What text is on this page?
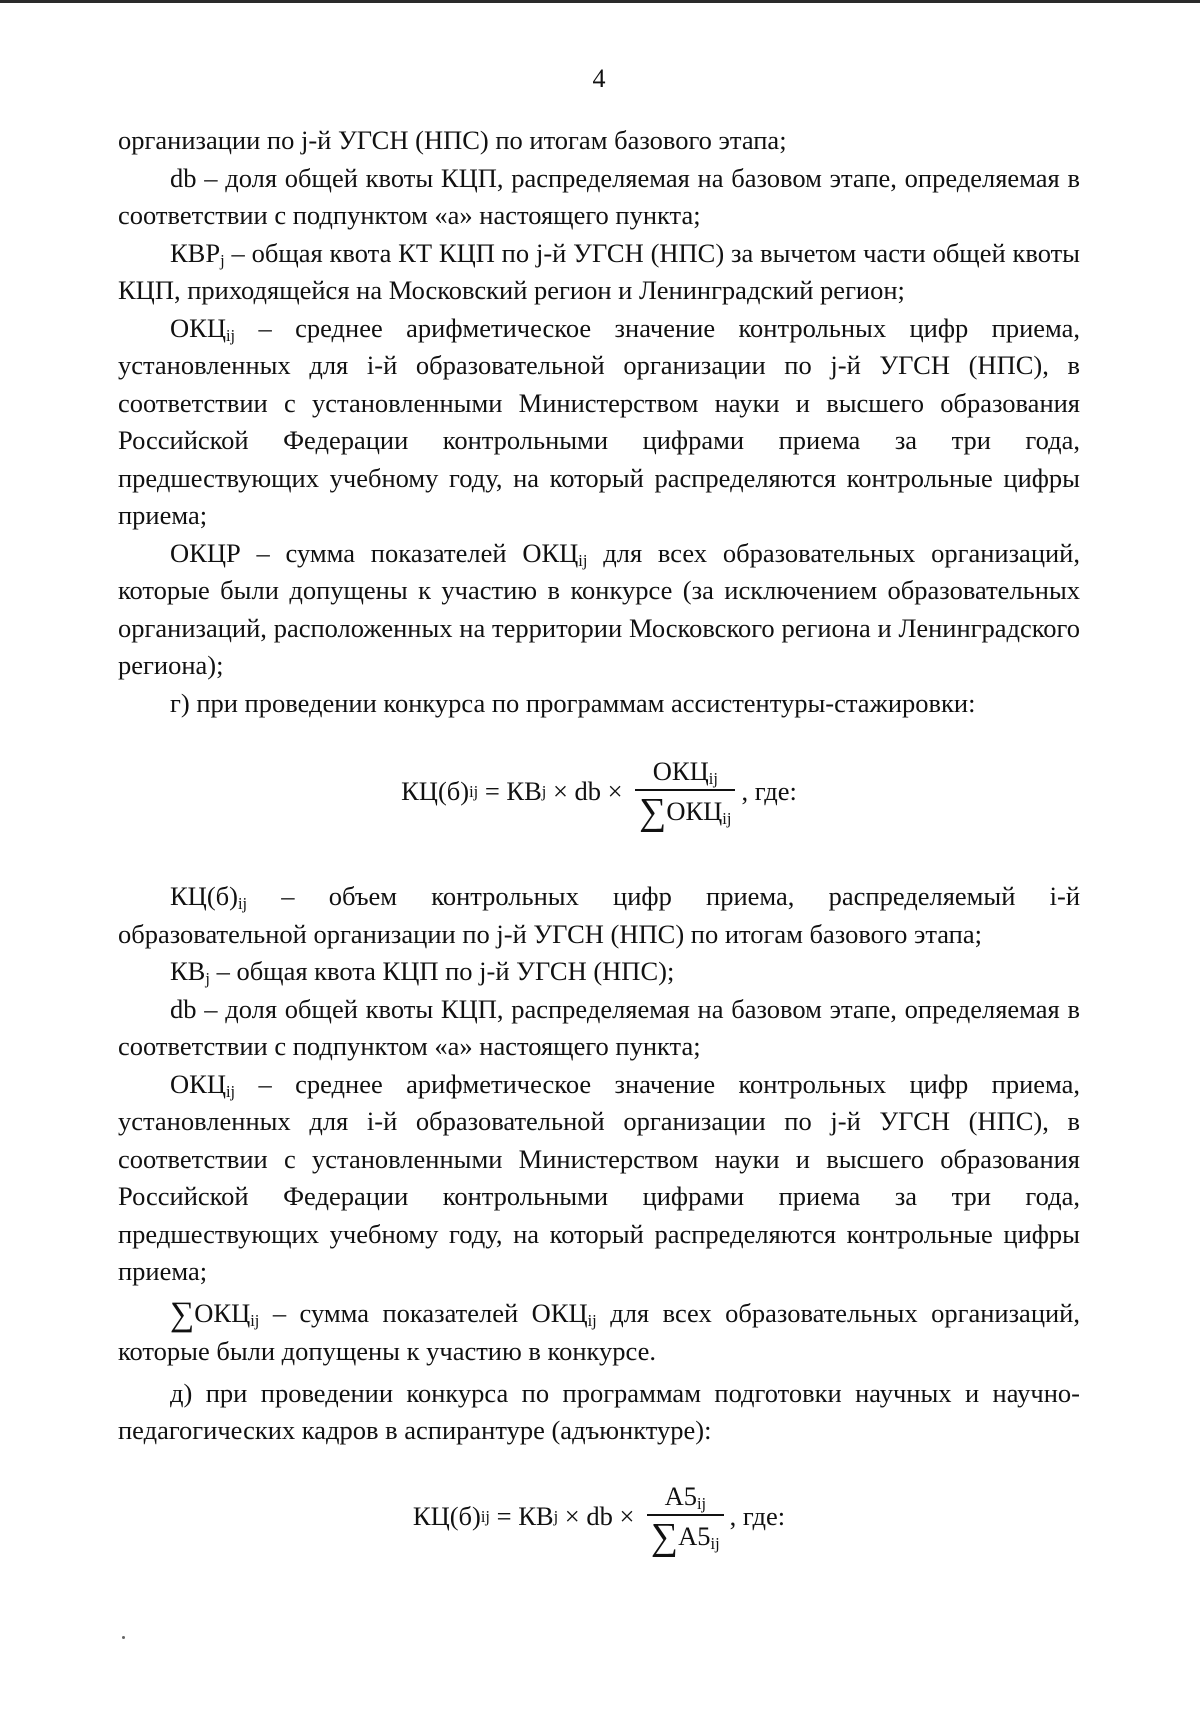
4

организации по j-й УГСН (НПС) по итогам базового этапа;

db – доля общей квоты КЦП, распределяемая на базовом этапе, определяемая в соответствии с подпунктом «а» настоящего пункта;

$КВР_j$ – общая квота КТ КЦП по j-й УГСН (НПС) за вычетом части общей квоты КЦП, приходящейся на Московский регион и Ленинградский регион;

$ОКЦ_{ij}$ – среднее арифметическое значение контрольных цифр приема, установленных для i-й образовательной организации по j-й УГСН (НПС), в соответствии с установленными Министерством науки и высшего образования Российской Федерации контрольными цифрами приема за три года, предшествующих учебному году, на который распределяются контрольные цифры приема;

ОКЦР – сумма показателей $ОКЦ_{ij}$ для всех образовательных организаций, которые были допущены к участию в конкурсе (за исключением образовательных организаций, расположенных на территории Московского региона и Ленинградского региона);

г) при проведении конкурса по программам ассистентуры-стажировки:

КЦ(б) ij = КВ j × db × $\frac{ОКЦ_{ij}}{\sum ОКЦ_{ij}}$ , где:

$КЦ(б)_{ij}$ – объем контрольных цифр приема, распределяемый i-й образовательной организации по j-й УГСН (НПС) по итогам базового этапа;

$КВ_j$ – общая квота КЦП по j-й УГСН (НПС);

db – доля общей квоты КЦП, распределяемая на базовом этапе, определяемая в соответствии с подпунктом «а» настоящего пункта;

$ОКЦ_{ij}$ – среднее арифметическое значение контрольных цифр приема, установленных для i-й образовательной организации по j-й УГСН (НПС), в соответствии с установленными Министерством науки и высшего образования Российской Федерации контрольными цифрами приема за три года, предшествующих учебному году, на который распределяются контрольные цифры приема;

$\sum ОКЦ_{ij}$ – сумма показателей $ОКЦ_{ij}$ для всех образовательных организаций, которые были допущены к участию в конкурсе.

д) при проведении конкурса по программам подготовки научных и научно-педагогических кадров в аспирантуре (адъюнктуре):

КЦ(б) ij = КВ j × db × $\frac{А5_{ij}}{\sum А5_{ij}}$ , где:
